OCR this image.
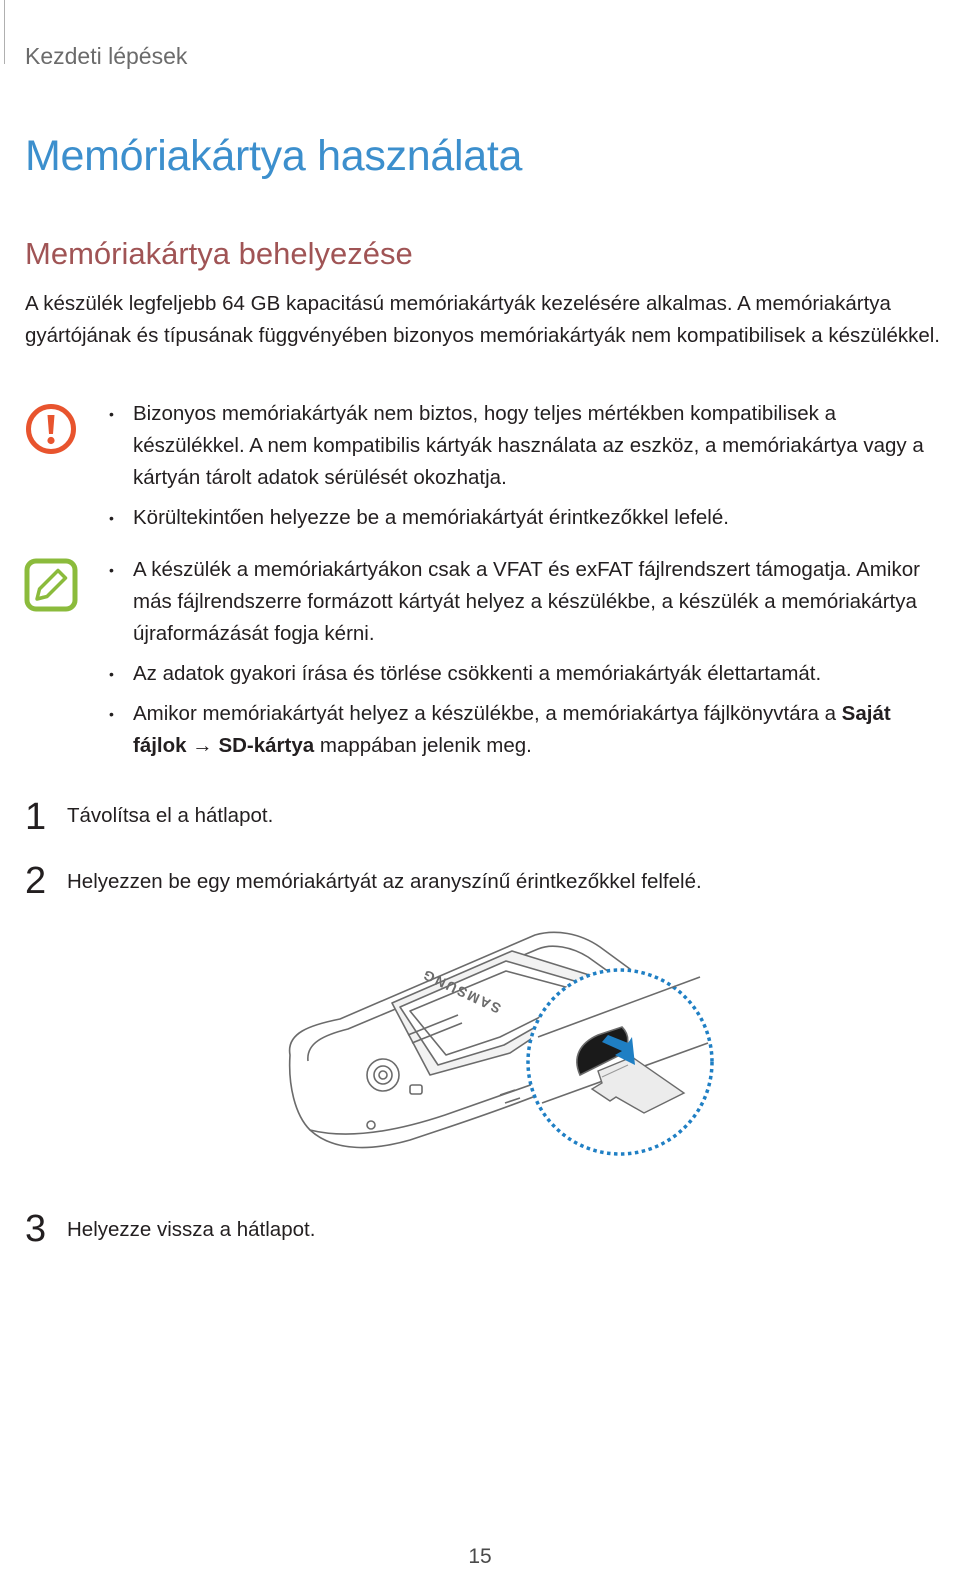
Kezdeti lépések
Memóriakártya használata
Memóriakártya behelyezése

A készülék legfeljebb 64 GB kapacitású memóriakártyák kezelésére alkalmas. A memóriakártya gyártójának és típusának függvényében bizonyos memóriakártyák nem kompatibilisek a készülékkel.

• Bizonyos memóriakártyák nem biztos, hogy teljes mértékben kompatibilisek a készülékkel. A nem kompatibilis kártyák használata az eszköz, a memóriakártya vagy a kártyán tárolt adatok sérülését okozhatja.
• Körültekintően helyezze be a memóriakártyát érintkezőkkel lefelé.
• A készülék a memóriakártyákon csak a VFAT és exFAT fájlrendszert támogatja. Amikor más fájlrendszerre formázott kártyát helyez a készülékbe, a készülék a memóriakártya újraformázását fogja kérni.
• Az adatok gyakori írása és törlése csökkenti a memóriakártyák élettartamát.
• Amikor memóriakártyát helyez a készülékbe, a memóriakártya fájlkönyvtára a Saját fájlok → SD-kártya mappában jelenik meg.
1 Távolítsa el a hátlapot.
2 Helyezzen be egy memóriakártyát az aranyszínű érintkezőkkel felfelé.
SAMSUNG
3 Helyezze vissza a hátlapot.
15
